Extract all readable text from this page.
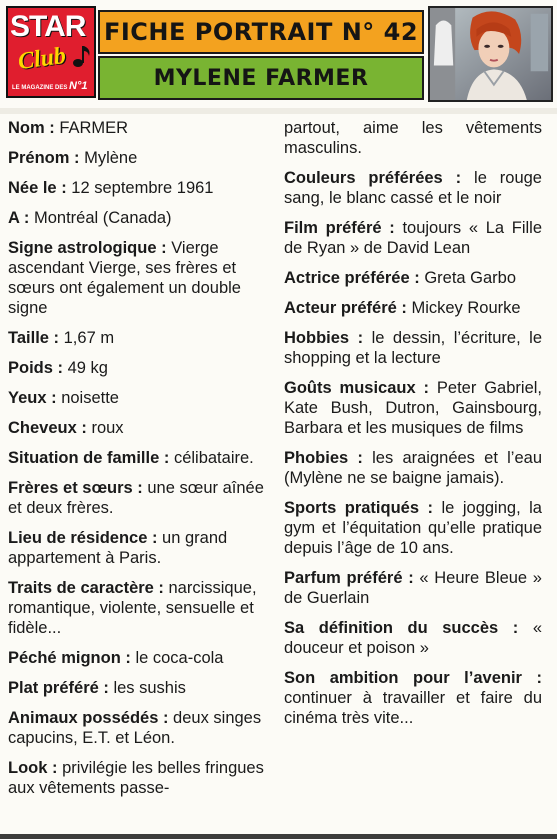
STAR
Club
LE MAGAZINE DES N°1
FICHE PORTRAIT N° 42
MYLENE FARMER
Nom : FARMER
Prénom : Mylène
Née le : 12 septembre 1961
A : Montréal (Canada)
Signe astrologique : Vierge ascendant Vierge, ses frères et sœurs ont également un double signe
Taille : 1,67 m
Poids : 49 kg
Yeux : noisette
Cheveux : roux
Situation de famille : célibataire.
Frères et sœurs : une sœur aînée et deux frères.
Lieu de résidence : un grand appartement à Paris.
Traits de caractère : narcissique, romantique, violente, sensuelle et fidèle...
Péché mignon : le coca-cola
Plat préféré : les sushis
Animaux possédés : deux singes capucins, E.T. et Léon.
Look : privilégie les belles fringues aux vêtements passe-
partout, aime les vêtements masculins.
Couleurs préférées : le rouge sang, le blanc cassé et le noir
Film préféré : toujours « La Fille de Ryan » de David Lean
Actrice préférée : Greta Garbo
Acteur préféré : Mickey Rourke
Hobbies : le dessin, l’écriture, le shopping et la lecture
Goûts musicaux : Peter Gabriel, Kate Bush, Dutron, Gainsbourg, Barbara et les musiques de films
Phobies : les araignées et l’eau (Mylène ne se baigne jamais).
Sports pratiqués : le jogging, la gym et l’équitation qu’elle pratique depuis l’âge de 10 ans.
Parfum préféré : « Heure Bleue » de Guerlain
Sa définition du succès : « douceur et poison »
Son ambition pour l’avenir : continuer à travailler et faire du cinéma très vite...
